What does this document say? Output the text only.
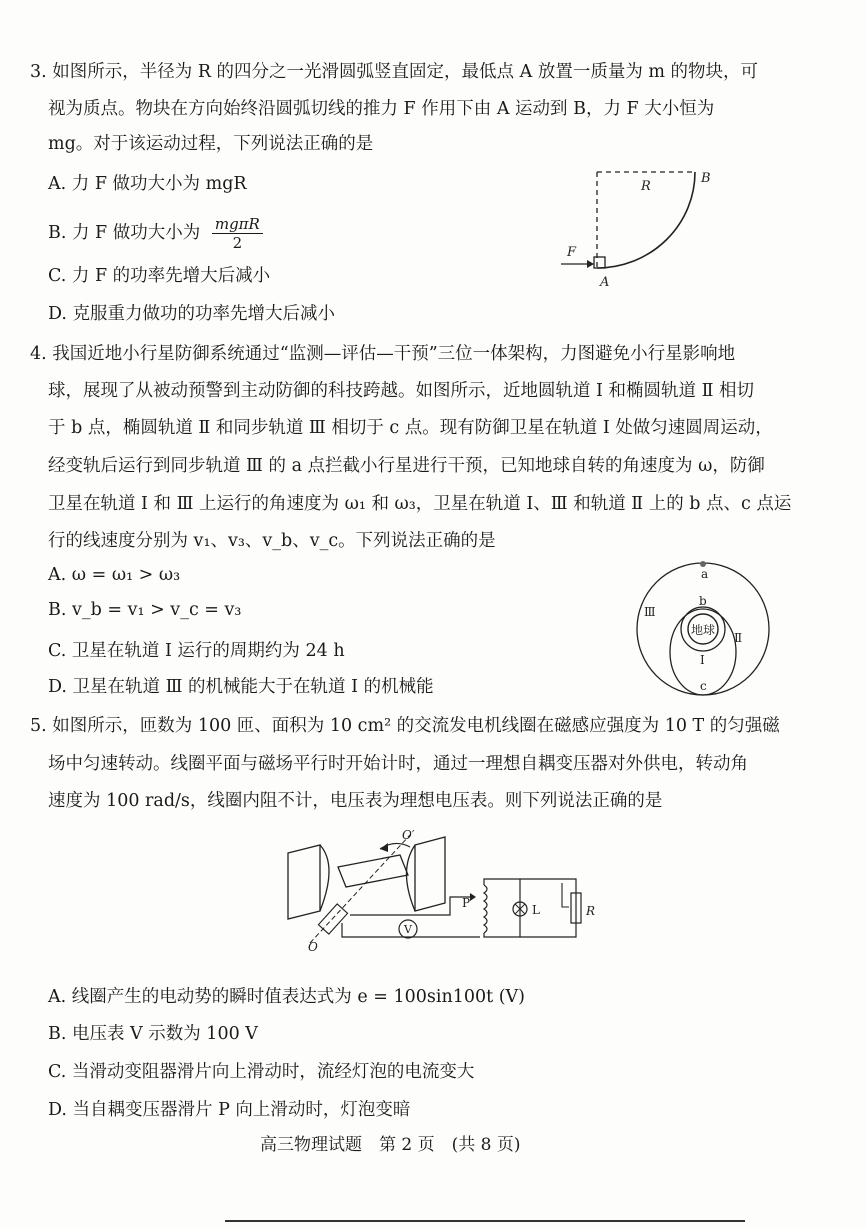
3. 如图所示，半径为 R 的四分之一光滑圆弧竖直固定，最低点 A 放置一质量为 m 的物块，可
视为质点。物块在方向始终沿圆弧切线的推力 F 作用下由 A 运动到 B，力 F 大小恒为
mg。对于该运动过程，下列说法正确的是
A. 力 F 做功大小为 mgR
B. 力 F 做功大小为 mgπR
2
C. 力 F 的功率先增大后减小
D. 克服重力做功的功率先增大后减小
R
B
A
F
4. 我国近地小行星防御系统通过“监测—评估—干预”三位一体架构，力图避免小行星影响地
球，展现了从被动预警到主动防御的科技跨越。如图所示，近地圆轨道 Ⅰ 和椭圆轨道 Ⅱ 相切
于 b 点，椭圆轨道 Ⅱ 和同步轨道 Ⅲ 相切于 c 点。现有防御卫星在轨道 Ⅰ 处做匀速圆周运动，
经变轨后运行到同步轨道 Ⅲ 的 a 点拦截小行星进行干预，已知地球自转的角速度为 ω，防御
卫星在轨道 Ⅰ 和 Ⅲ 上运行的角速度为 ω₁ 和 ω₃，卫星在轨道 Ⅰ、Ⅲ 和轨道 Ⅱ 上的 b 点、c 点运
行的线速度分别为 v₁、v₃、v_b、v_c。下列说法正确的是
A. ω = ω₁ > ω₃
B. v_b = v₁ > v_c = v₃
C. 卫星在轨道 Ⅰ 运行的周期约为 24 h
D. 卫星在轨道 Ⅲ 的机械能大于在轨道 Ⅰ 的机械能
地球
a
b
c
Ⅰ
Ⅱ
Ⅲ
5. 如图所示，匝数为 100 匝、面积为 10 cm² 的交流发电机线圈在磁感应强度为 10 T 的匀强磁
场中匀速转动。线圈平面与磁场平行时开始计时，通过一理想自耦变压器对外供电，转动角
速度为 100 rad/s，线圈内阻不计，电压表为理想电压表。则下列说法正确的是
O′
O
V
P	L	R
A. 线圈产生的电动势的瞬时值表达式为 e = 100sin100t (V)
B. 电压表 V 示数为 100 V
C. 当滑动变阻器滑片向上滑动时，流经灯泡的电流变大
D. 当自耦变压器滑片 P 向上滑动时，灯泡变暗
高三物理试题　第 2 页　(共 8 页)
